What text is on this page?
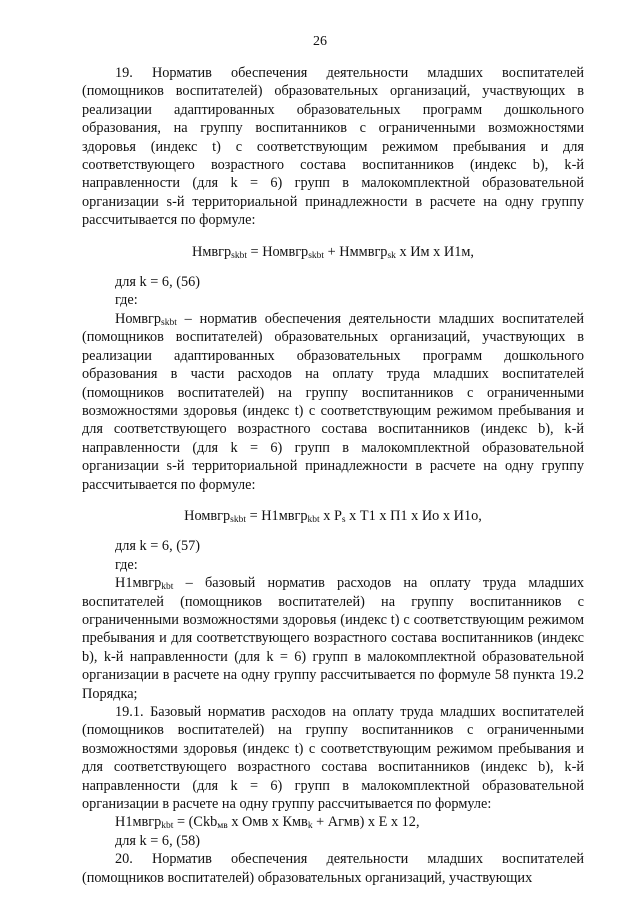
26

19. Норматив обеспечения деятельности младших воспитателей (помощников воспитателей) образовательных организаций, участвующих в реализации адаптированных образовательных программ дошкольного образования, на группу воспитанников с ограниченными возможностями здоровья (индекс t) с соответствующим режимом пребывания и для соответствующего возрастного состава воспитанников (индекс b), k-й направленности (для k = 6) групп в малокомплектной образовательной организации s-й территориальной принадлежности в расчете на одну группу рассчитывается по формуле:

Нмвгр$_{skbt}$ = Номвгр$_{skbt}$ + Нммвгр$_{sk}$ х Им х И1м,

для k = 6, (56)

где:

Номвгр$_{skbt}$ – норматив обеспечения деятельности младших воспитателей (помощников воспитателей) образовательных организаций, участвующих в реализации адаптированных образовательных программ дошкольного образования в части расходов на оплату труда младших воспитателей (помощников воспитателей) на группу воспитанников с ограниченными возможностями здоровья (индекс t) с соответствующим режимом пребывания и для соответствующего возрастного состава воспитанников (индекс b), k-й направленности (для k = 6) групп в малокомплектной образовательной организации s-й территориальной принадлежности в расчете на одну группу рассчитывается по формуле:

Номвгр$_{skbt}$ = Н1мвгр$_{kbt}$ х $P_s$ х Т1 х П1 х Ио х И1о,

для k = 6, (57)

где:

Н1мвгр$_{kbt}$ – базовый норматив расходов на оплату труда младших воспитателей (помощников воспитателей) на группу воспитанников с ограниченными возможностями здоровья (индекс t) с соответствующим режимом пребывания и для соответствующего возрастного состава воспитанников (индекс b), k-й направленности (для k = 6) групп в малокомплектной образовательной организации в расчете на одну группу рассчитывается по формуле 58 пункта 19.2 Порядка;

19.1. Базовый норматив расходов на оплату труда младших воспитателей (помощников воспитателей) на группу воспитанников с ограниченными возможностями здоровья (индекс t) с соответствующим режимом пребывания и для соответствующего возрастного состава воспитанников (индекс b), k-й направленности (для k = 6) групп в малокомплектной образовательной организации в расчете на одну группу рассчитывается по формуле:

Н1мвгр$_{kbt}$ = (Ckb$_{мв}$ х Омв х Кмв$_k$ + Агмв) х Е х 12,

для k = 6, (58)

20. Норматив обеспечения деятельности младших воспитателей (помощников воспитателей) образовательных организаций, участвующих
